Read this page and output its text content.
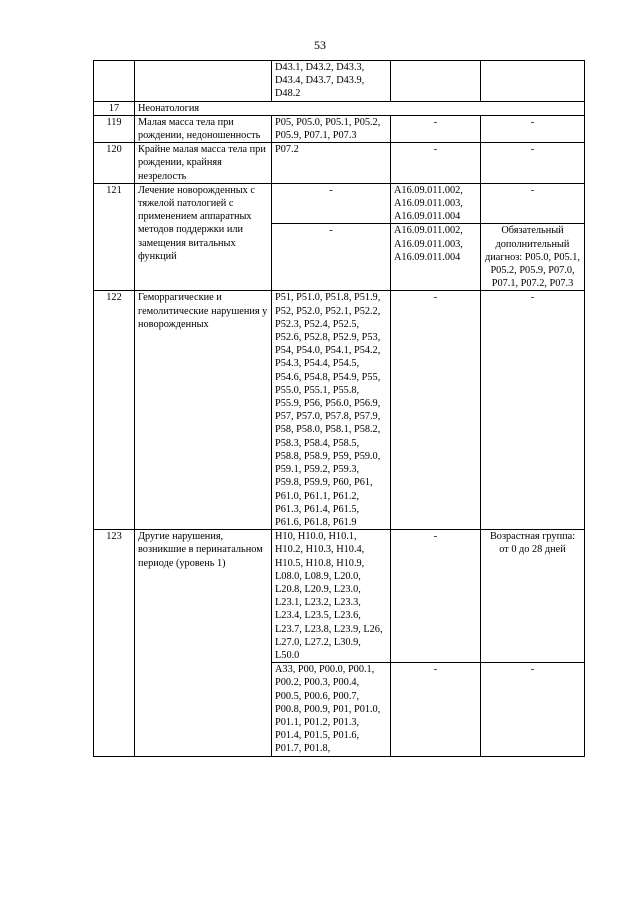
53
		D43.1, D43.2, D43.3, D43.4, D43.7, D43.9, D48.2		
17	Неонатология			
119	Малая масса тела при рождении, недоношенность	P05, P05.0, P05.1, P05.2, P05.9, P07.1, P07.3	-	-
120	Крайне малая масса тела при рождении, крайняя незрелость	P07.2	-	-
121	Лечение новорожденных с тяжелой патологией с применением аппаратных методов поддержки или замещения витальных функций	-	A16.09.011.002, A16.09.011.003, A16.09.011.004	-
		-	A16.09.011.002, A16.09.011.003, A16.09.011.004	Обязательный дополнительный диагноз: P05.0, P05.1, P05.2, P05.9, P07.0, P07.1, P07.2, P07.3
122	Геморрагические и гемолитические нарушения у новорожденных	P51, P51.0, P51.8, P51.9, P52, P52.0, P52.1, P52.2, P52.3, P52.4, P52.5, P52.6, P52.8, P52.9, P53, P54, P54.0, P54.1, P54.2, P54.3, P54.4, P54.5, P54.6, P54.8, P54.9, P55, P55.0, P55.1, P55.8, P55.9, P56, P56.0, P56.9, P57, P57.0, P57.8, P57.9, P58, P58.0, P58.1, P58.2, P58.3, P58.4, P58.5, P58.8, P58.9, P59, P59.0, P59.1, P59.2, P59.3, P59.8, P59.9, P60, P61, P61.0, P61.1, P61.2, P61.3, P61.4, P61.5, P61.6, P61.8, P61.9	-	-
123	Другие нарушения, возникшие в перинатальном периоде (уровень 1)	H10, H10.0, H10.1, H10.2, H10.3, H10.4, H10.5, H10.8, H10.9, L08.0, L08.9, L20.0, L20.8, L20.9, L23.0, L23.1, L23.2, L23.3, L23.4, L23.5, L23.6, L23.7, L23.8, L23.9, L26, L27.0, L27.2, L30.9, L50.0	-	Возрастная группа: от 0 до 28 дней
		A33, P00, P00.0, P00.1, P00.2, P00.3, P00.4, P00.5, P00.6, P00.7, P00.8, P00.9, P01, P01.0, P01.1, P01.2, P01.3, P01.4, P01.5, P01.6, P01.7, P01.8,	-	-
